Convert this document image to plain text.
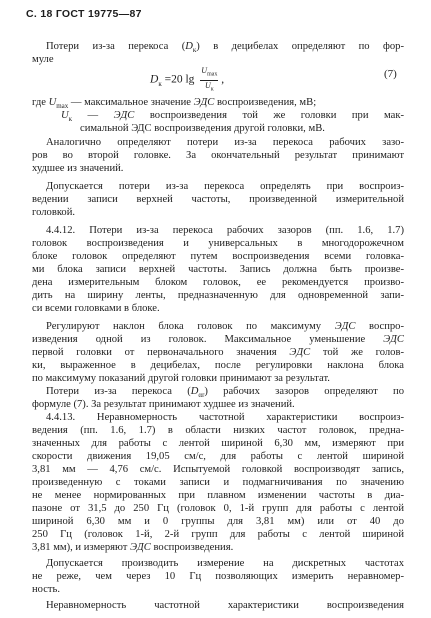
С. 18 ГОСТ 19775—87
Потери из-за перекоса $(D_к)$ в децибелах определяют по фор-
муле
$D_к =20$ $\lg \frac{U_{max}}{U_к}$ ,	(7)
где $U_{max}$ — максимальное значение ЭДС воспроизведения, мВ;
$U_к$ — ЭДС воспроизведения той же головки при мак-
симальной ЭДС воспроизведения другой головки, мВ.
Аналогично определяют потери из-за перекоса рабочих зазо-
ров во второй головке. За окончательный результат принимают
худшее из значений.
Допускается потери из-за перекоса определять при воспроиз-
ведении записи верхней частоты, произведенной измерительной
головкой.
4.4.12. Потери из-за перекоса рабочих зазоров (пп. 1.6, 1.7)
головок воспроизведения и универсальных в многодорожечном
блоке головок определяют путем воспроизведения всеми головка-
ми блока записи верхней частоты. Запись должна быть произве-
дена измерительным блоком головок, ее рекомендуется произво-
дить на ширину ленты, предназначенную для одновременной запи-
си всеми головками в блоке.
Регулируют наклон блока головок по максимуму ЭДС воспро-
изведения одной из головок. Максимальное уменьшение ЭДС
первой головки от первоначального значения ЭДС той же голов-
ки, выраженное в децибелах, после регулировки наклона блока
по максимуму показаний другой головки принимают за результат.
Потери из-за перекоса $(D_{\alpha r})$ рабочих зазоров определяют по
формуле (7). За результат принимают худшее из значений.
4.4.13. Неравномерность частотной характеристики воспроиз-
ведения (пп. 1.6, 1.7) в области низких частот головок, предна-
значенных для работы с лентой шириной 6,30 мм, измеряют при
скорости движения 19,05 см/с, для работы с лентой шириной
3,81 мм — 4,76 см/с. Испытуемой головкой воспроизводят запись,
произведенную с токами записи и подмагничивания по значению
не менее нормированных при плавном изменении частоты в диа-
пазоне от 31,5 до 250 Гц (головок 0, 1-й групп для работы с лентой
шириной 6,30 мм и 0 группы для 3,81 мм) или от 40 до
250 Гц (головок 1-й, 2-й групп для работы с лентой шириной
3,81 мм), и измеряют ЭДС воспроизведения.
Допускается производить измерение на дискретных частотах
не реже, чем через 10 Гц позволяющих измерить неравномер-
ность.
Неравномерность частотной характеристики воспроизведения
